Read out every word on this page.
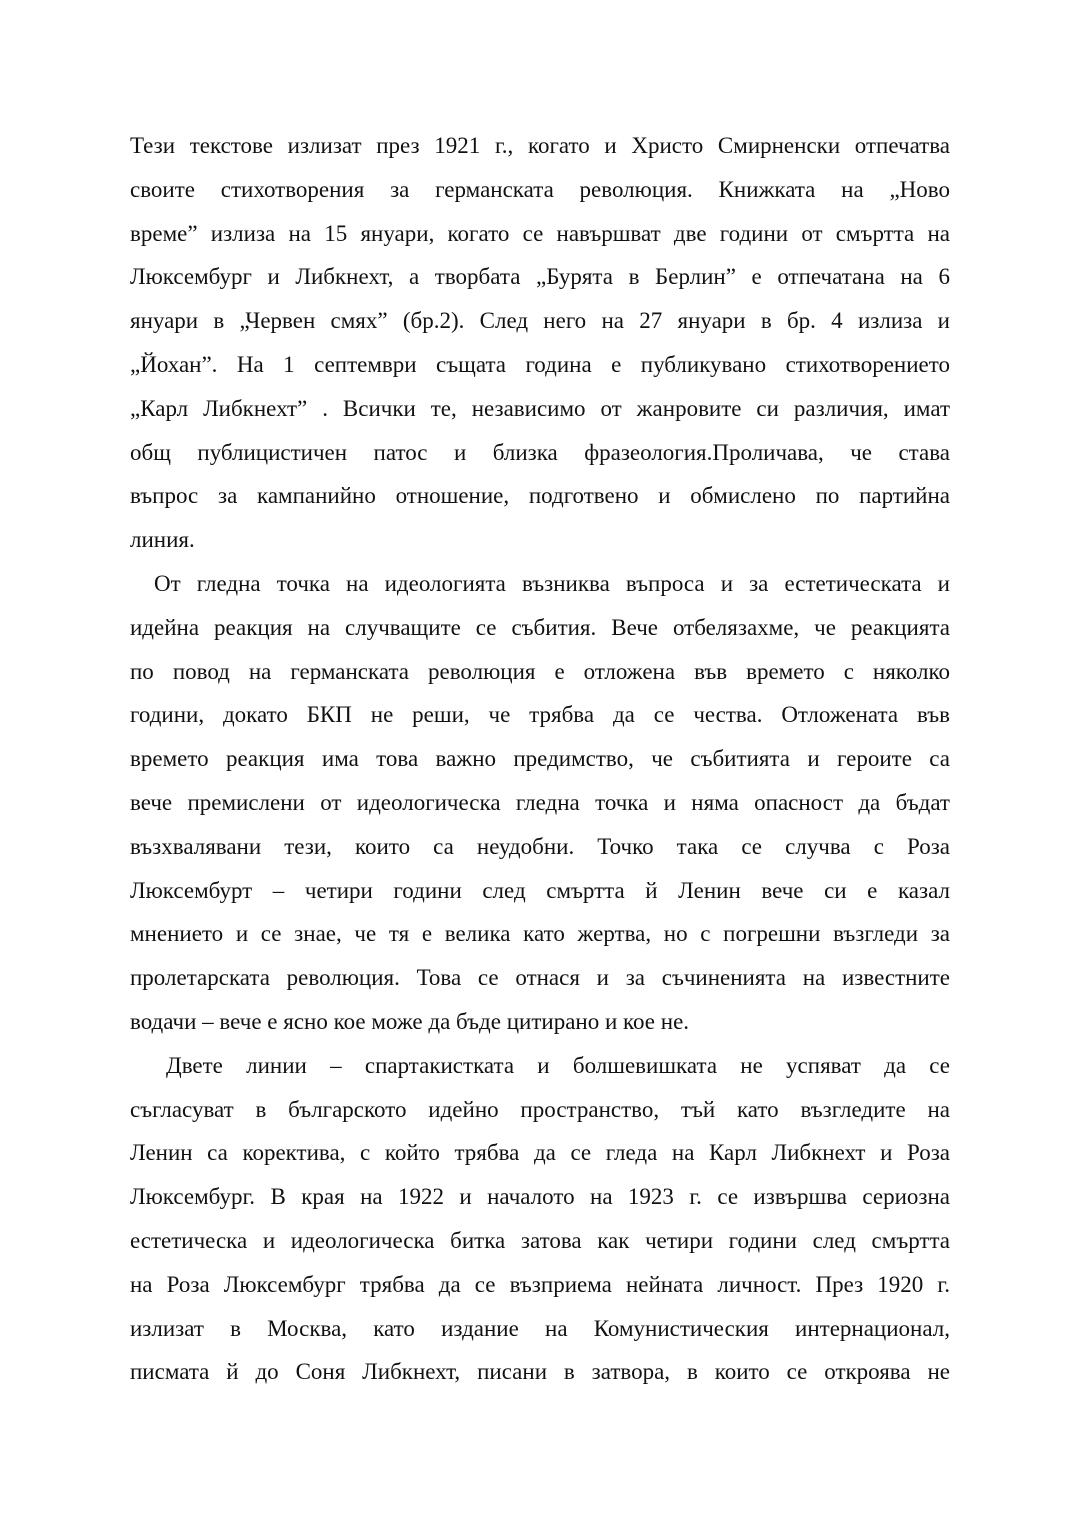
Тези текстове излизат през 1921 г., когато и Христо Смирненски отпечатва
своите стихотворения за германската революция. Книжката на „Ново
време” излиза на 15 януари, когато се навършват две години от смъртта на
Люксембург и Либкнехт, а творбата „Бурята в Берлин” е отпечатана на 6
януари в „Червен смях” (бр.2). След него на 27 януари в бр. 4 излиза и
„Йохан”. На 1 септември същата година е публикувано стихотворението
„Карл Либкнехт” . Всички те, независимо от жанровите си различия, имат
общ публицистичен патос и близка фразеология.Проличава, че става
въпрос за кампанийно отношение, подготвено и обмислено по партийна
линия.
От гледна точка на идеологията възниква въпроса и за естетическата и
идейна реакция на случващите се събития. Вече отбелязахме, че реакцията
по повод на германската революция е отложена във времето с няколко
години, докато БКП не реши, че трябва да се чества. Отложената във
времето реакция има това важно предимство, че събитията и героите са
вече премислени от идеологическа гледна точка и няма опасност да бъдат
възхвалявани тези, които са неудобни. Точко така се случва с Роза
Люксембурт – четири години след смъртта й Ленин вече си е казал
мнението и се знае, че тя е велика като жертва, но с погрешни възгледи за
пролетарската революция. Това се отнася и за съчиненията на известните
водачи – вече е ясно кое може да бъде цитирано и кое не.
Двете линии – спартакистката и болшевишката не успяват да се
съгласуват в българското идейно пространство, тъй като възгледите на
Ленин са коректива, с който трябва да се гледа на Карл Либкнехт и Роза
Люксембург. В края на 1922 и началото на 1923 г. се извършва сериозна
естетическа и идеологическа битка затова как четири години след смъртта
на Роза Люксембург трябва да се възприема нейната личност. През 1920 г.
излизат в Москва, като издание на Комунистическия интернационал,
писмата й до Соня Либкнехт, писани в затвора, в които се откроява не
